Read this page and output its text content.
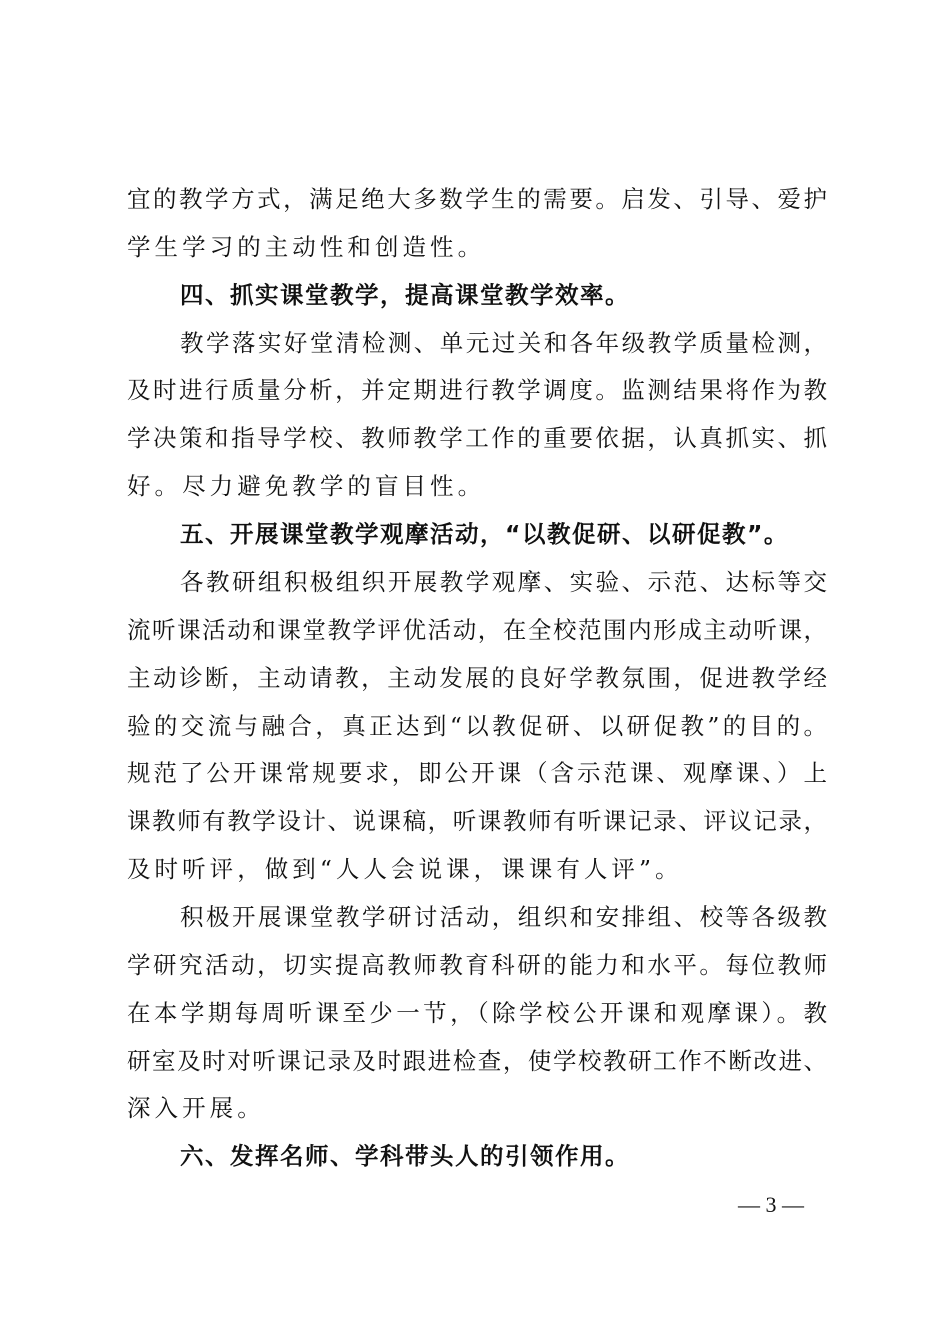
宜的教学方式，满足绝大多数学生的需要。启发、引导、爱护
学生学习的主动性和创造性。
四、抓实课堂教学，提高课堂教学效率。
教学落实好堂清检测、单元过关和各年级教学质量检测，
及时进行质量分析，并定期进行教学调度。监测结果将作为教
学决策和指导学校、教师教学工作的重要依据，认真抓实、抓
好。尽力避免教学的盲目性。
五、开展课堂教学观摩活动，“以教促研、以研促教”。
各教研组积极组织开展教学观摩、实验、示范、达标等交
流听课活动和课堂教学评优活动，在全校范围内形成主动听课，
主动诊断，主动请教，主动发展的良好学教氛围，促进教学经
验的交流与融合，真正达到“以教促研、以研促教”的目的。
规范了公开课常规要求，即公开课（含示范课、观摩课、）上
课教师有教学设计、说课稿，听课教师有听课记录、评议记录，
及时听评，做到“人人会说课，课课有人评”。
积极开展课堂教学研讨活动，组织和安排组、校等各级教
学研究活动，切实提高教师教育科研的能力和水平。每位教师
在本学期每周听课至少一节，（除学校公开课和观摩课）。教
研室及时对听课记录及时跟进检查，使学校教研工作不断改进、
深入开展。
六、发挥名师、学科带头人的引领作用。
— 3 —
